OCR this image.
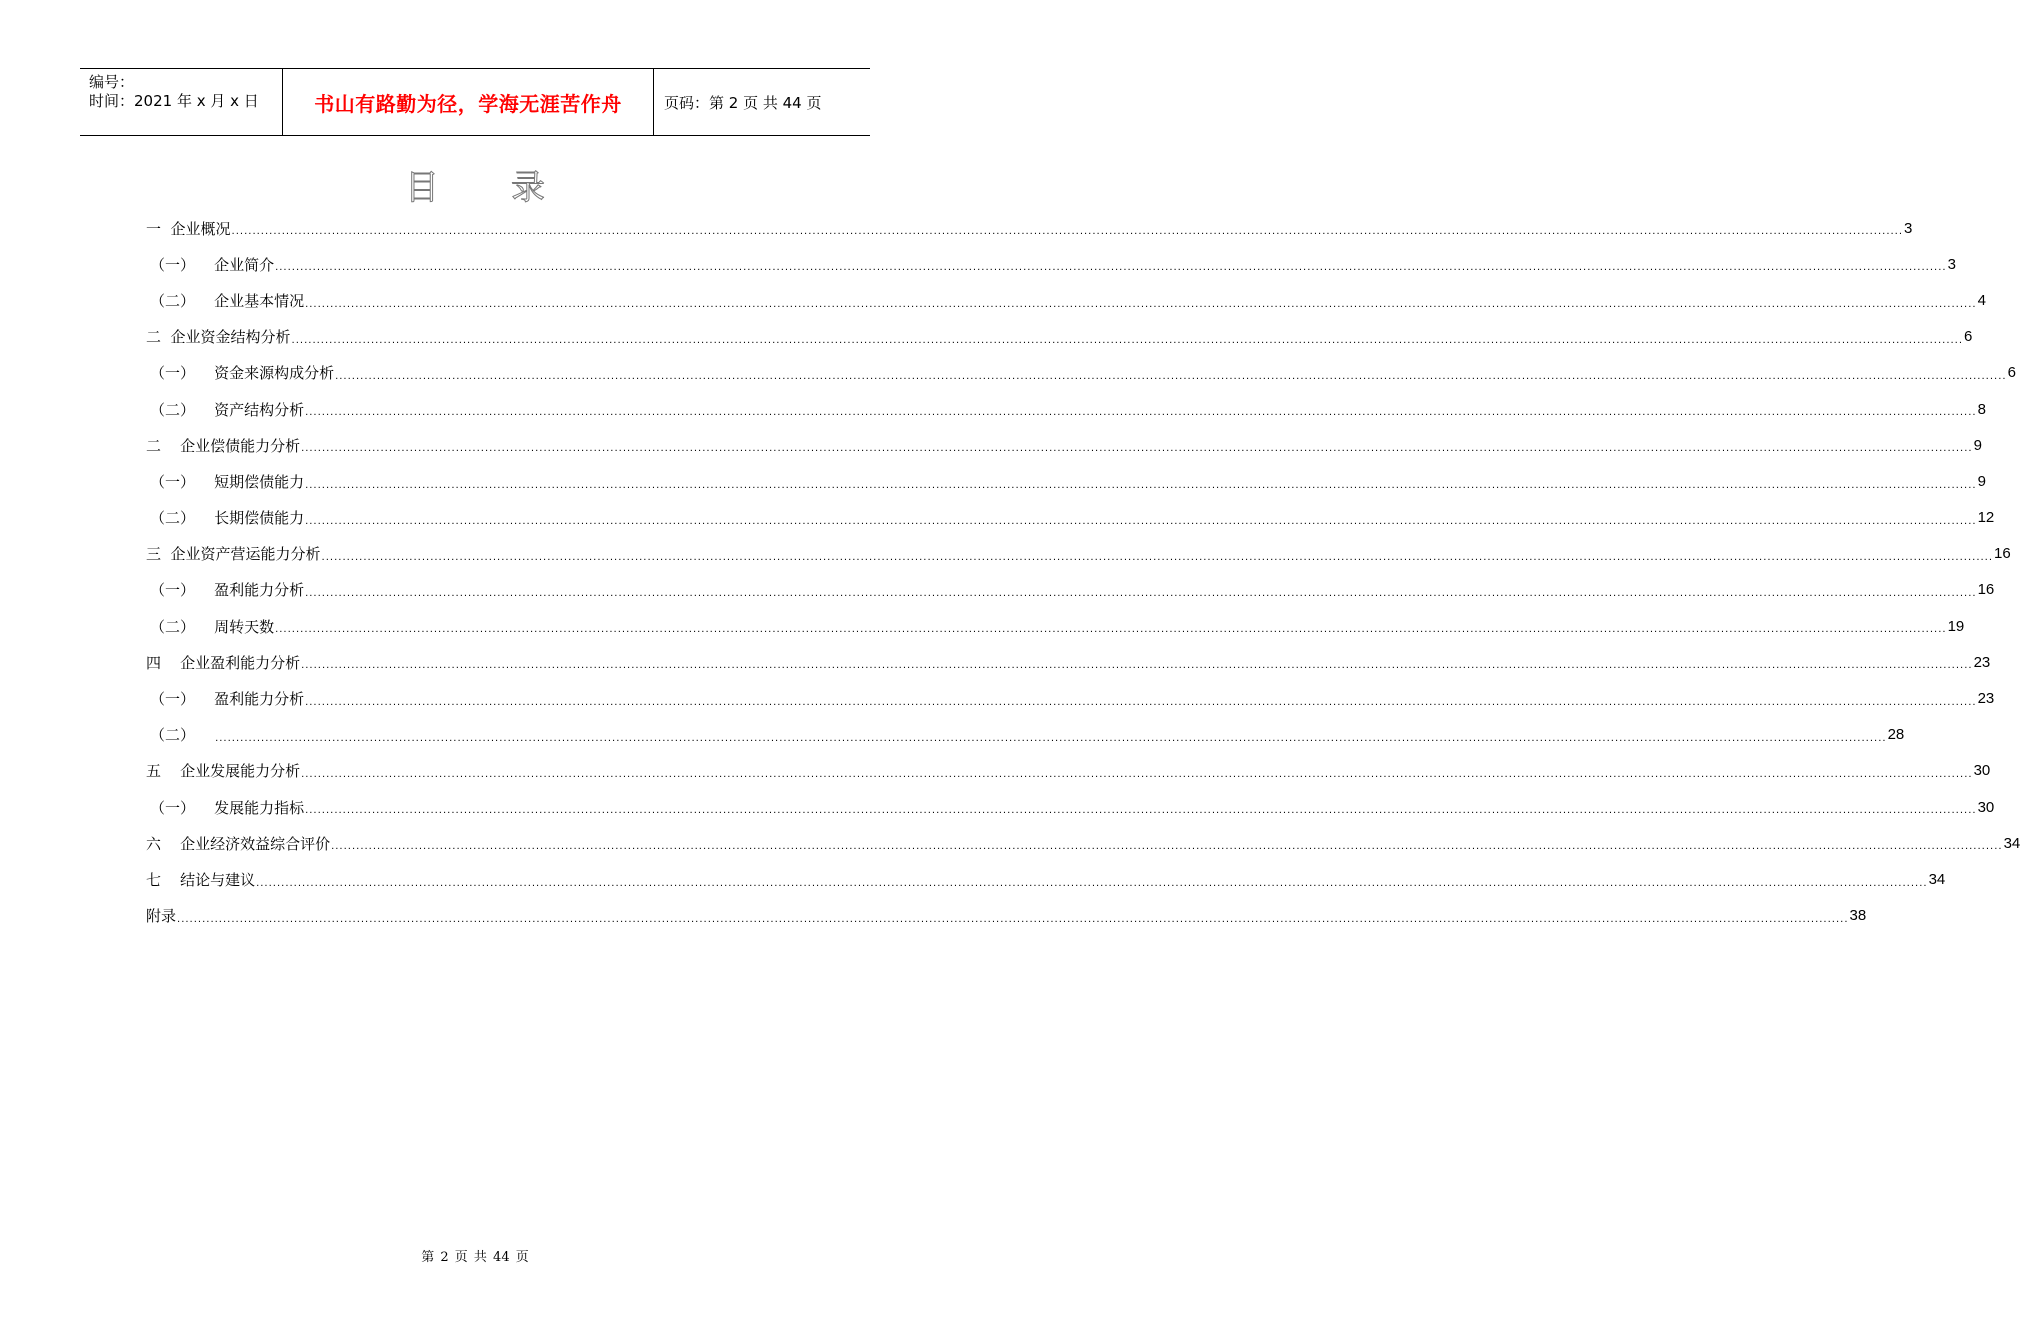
编号：
时间：2021 年 x 月 x 日	书山有路勤为径，学海无涯苦作舟	页码：第 2 页 共 44 页
目录
一  企业概况 ................................................................................................................................................................................................................................................................................................................................................................................................................ 3
（一）    企业简介 ................................................................................................................................................................................................................................................................................................................................................................................................................ 3
（二）    企业基本情况 ................................................................................................................................................................................................................................................................................................................................................................................................................ 4
二  企业资金结构分析 ................................................................................................................................................................................................................................................................................................................................................................................................................ 6
（一）    资金来源构成分析 ................................................................................................................................................................................................................................................................................................................................................................................................................ 6
（二）    资产结构分析 ................................................................................................................................................................................................................................................................................................................................................................................................................ 8
二    企业偿债能力分析 ................................................................................................................................................................................................................................................................................................................................................................................................................ 9
（一）    短期偿债能力 ................................................................................................................................................................................................................................................................................................................................................................................................................ 9
（二）    长期偿债能力 ................................................................................................................................................................................................................................................................................................................................................................................................................ 12
三  企业资产营运能力分析 ................................................................................................................................................................................................................................................................................................................................................................................................................ 16
（一）    盈利能力分析 ................................................................................................................................................................................................................................................................................................................................................................................................................ 16
（二）    周转天数 ................................................................................................................................................................................................................................................................................................................................................................................................................ 19
四    企业盈利能力分析 ................................................................................................................................................................................................................................................................................................................................................................................................................ 23
（一）    盈利能力分析 ................................................................................................................................................................................................................................................................................................................................................................................................................ 23
（二） ................................................................................................................................................................................................................................................................................................................................................................................................................ 28
五    企业发展能力分析 ................................................................................................................................................................................................................................................................................................................................................................................................................ 30
（一）    发展能力指标 ................................................................................................................................................................................................................................................................................................................................................................................................................ 30
六    企业经济效益综合评价 ................................................................................................................................................................................................................................................................................................................................................................................................................ 34
七    结论与建议 ................................................................................................................................................................................................................................................................................................................................................................................................................ 34
附录 ................................................................................................................................................................................................................................................................................................................................................................................................................ 38
第 2 页 共 44 页
